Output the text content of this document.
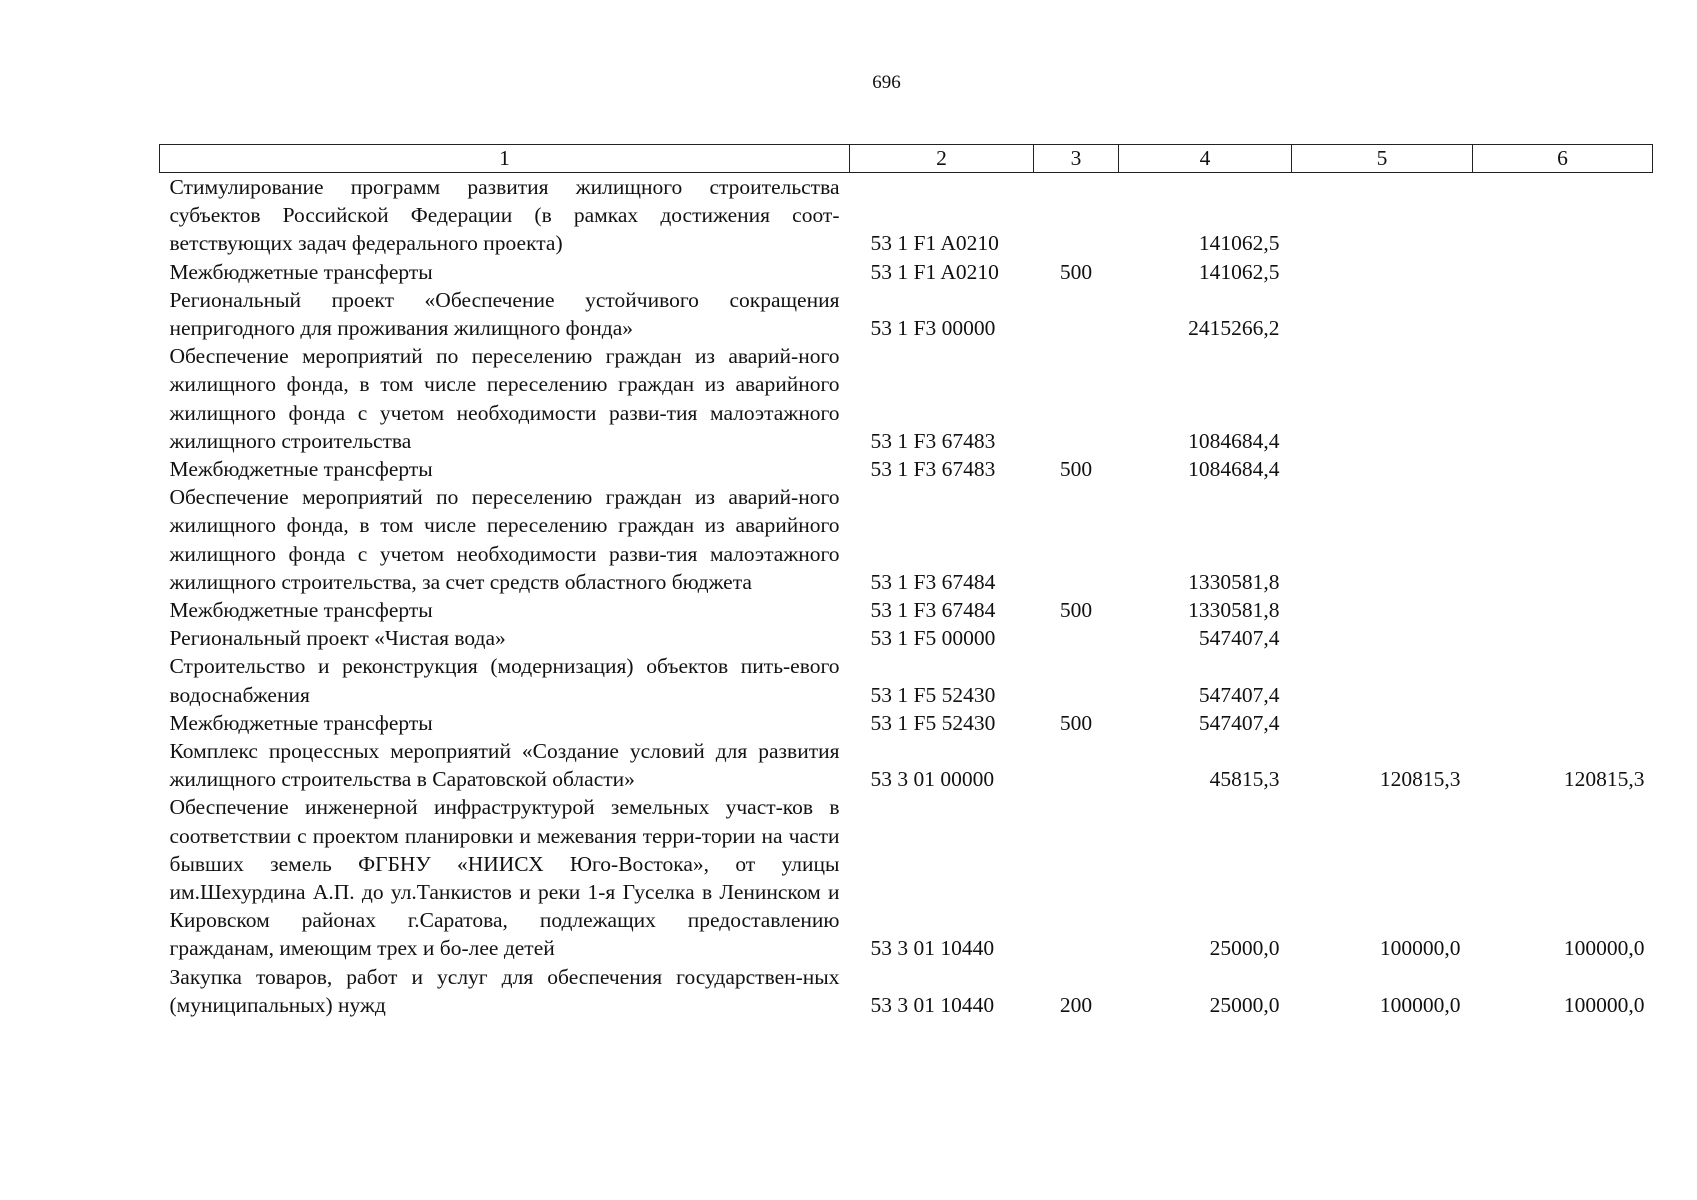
696
1	2	3	4	5	6
Стимулирование программ развития жилищного строительства субъектов Российской Федерации (в рамках достижения соот-ветствующих задач федерального проекта)	53 1 F1 A0210		141062,5		
Межбюджетные трансферты	53 1 F1 A0210	500	141062,5		
Региональный проект «Обеспечение устойчивого сокращения непригодного для проживания жилищного фонда»	53 1 F3 00000		2415266,2		
Обеспечение мероприятий по переселению граждан из аварий-ного жилищного фонда, в том числе переселению граждан из аварийного жилищного фонда с учетом необходимости разви-тия малоэтажного жилищного строительства	53 1 F3 67483		1084684,4		
Межбюджетные трансферты	53 1 F3 67483	500	1084684,4		
Обеспечение мероприятий по переселению граждан из аварий-ного жилищного фонда, в том числе переселению граждан из аварийного жилищного фонда с учетом необходимости разви-тия малоэтажного жилищного строительства, за счет средств областного бюджета	53 1 F3 67484		1330581,8		
Межбюджетные трансферты	53 1 F3 67484	500	1330581,8		
Региональный проект «Чистая вода»	53 1 F5 00000		547407,4		
Строительство и реконструкция (модернизация) объектов пить-евого водоснабжения	53 1 F5 52430		547407,4		
Межбюджетные трансферты	53 1 F5 52430	500	547407,4		
Комплекс процессных мероприятий «Создание условий для развития жилищного строительства в Саратовской области»	53 3 01 00000		45815,3	120815,3	120815,3
Обеспечение инженерной инфраструктурой земельных участ-ков в соответствии с проектом планировки и межевания терри-тории на части бывших земель ФГБНУ «НИИСХ Юго-Востока», от улицы им.Шехурдина А.П. до ул.Танкистов и реки 1-я Гуселка в Ленинском и Кировском районах г.Саратова, подлежащих предоставлению гражданам, имеющим трех и бо-лее детей	53 3 01 10440		25000,0	100000,0	100000,0
Закупка товаров, работ и услуг для обеспечения государствен-ных (муниципальных) нужд	53 3 01 10440	200	25000,0	100000,0	100000,0
